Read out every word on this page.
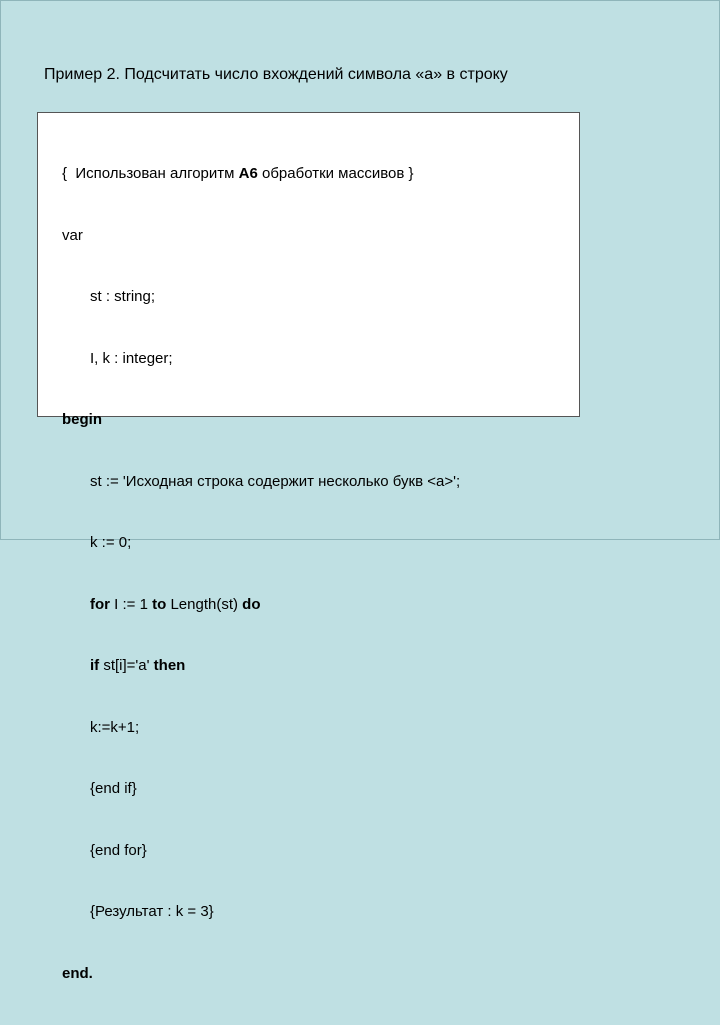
Пример 2. Подсчитать число вхождений символа «а» в строку

{  Использован алгоритм А6 обработки массивов }

var

st : string;

I, k : integer;

begin

st := 'Исходная строка содержит несколько букв <а>';

k := 0;

for I := 1 to Length(st) do

if st[i]='a' then

k:=k+1;

{end if}

{end for}

{Результат : k = 3}

end.
